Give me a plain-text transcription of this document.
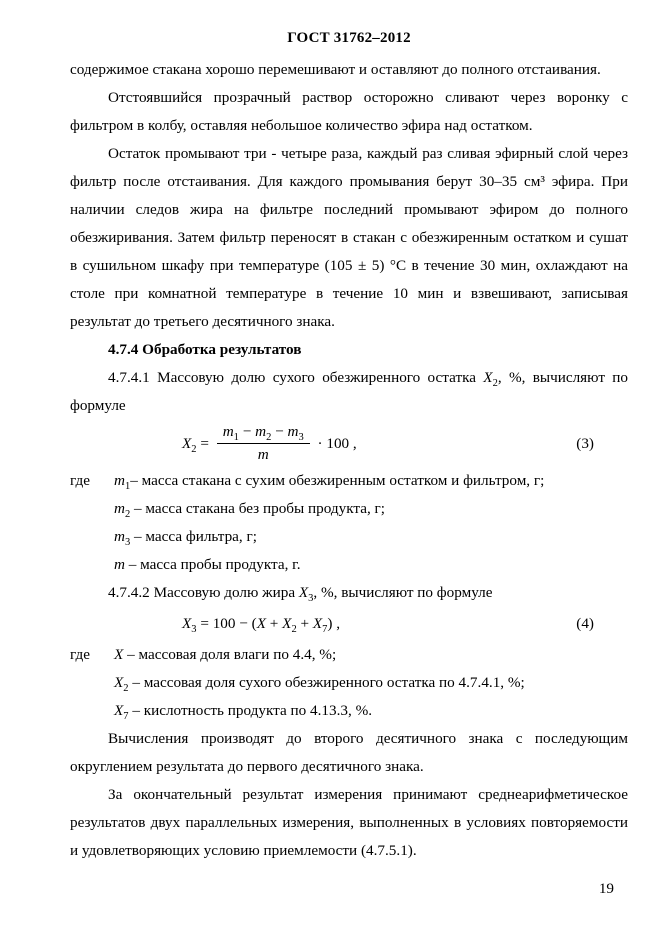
ГОСТ 31762–2012

содержимое стакана хорошо перемешивают и оставляют до полного отстаивания.

Отстоявшийся прозрачный раствор осторожно сливают через воронку с фильтром в колбу, оставляя небольшое количество эфира над остатком.

Остаток промывают три - четыре раза, каждый раз сливая эфирный слой через фильтр после отстаивания. Для каждого промывания берут 30–35 см³ эфира. При наличии следов жира на фильтре последний промывают эфиром до полного обезжиривания. Затем фильтр переносят в стакан с обезжиренным остатком и сушат в сушильном шкафу при температуре (105 ± 5) °С в течение 30 мин, охлаждают на столе при комнатной температуре в течение 10 мин и взвешивают, записывая результат до третьего десятичного знака.

4.7.4 Обработка результатов

4.7.4.1 Массовую долю сухого обезжиренного остатка $X_2$, %, вычисляют по формуле

$X_2 = \frac{m_1 - m_2 - m_3}{m} \cdot 100$ ,	(3)

где $m_1-$ масса стакана с сухим обезжиренным остатком и фильтром, г;

$m_2$ – масса стакана без пробы продукта, г;

$m_3$ – масса фильтра, г;

m – масса пробы продукта, г.

4.7.4.2 Массовую долю жира $X_3$, %, вычисляют по формуле

$X_3 = 100 - (X + X_2 + X_7)$ ,	(4)

где X – массовая доля влаги по 4.4, %;

$X_2$ – массовая доля сухого обезжиренного остатка по 4.7.4.1, %;

$X_7$ – кислотность продукта по 4.13.3, %.

Вычисления производят до второго десятичного знака с последующим округлением результата до первого десятичного знака.

За окончательный результат измерения принимают среднеарифметическое результатов двух параллельных измерения, выполненных в условиях повторяемости и удовлетворяющих условию приемлемости (4.7.5.1).

19
